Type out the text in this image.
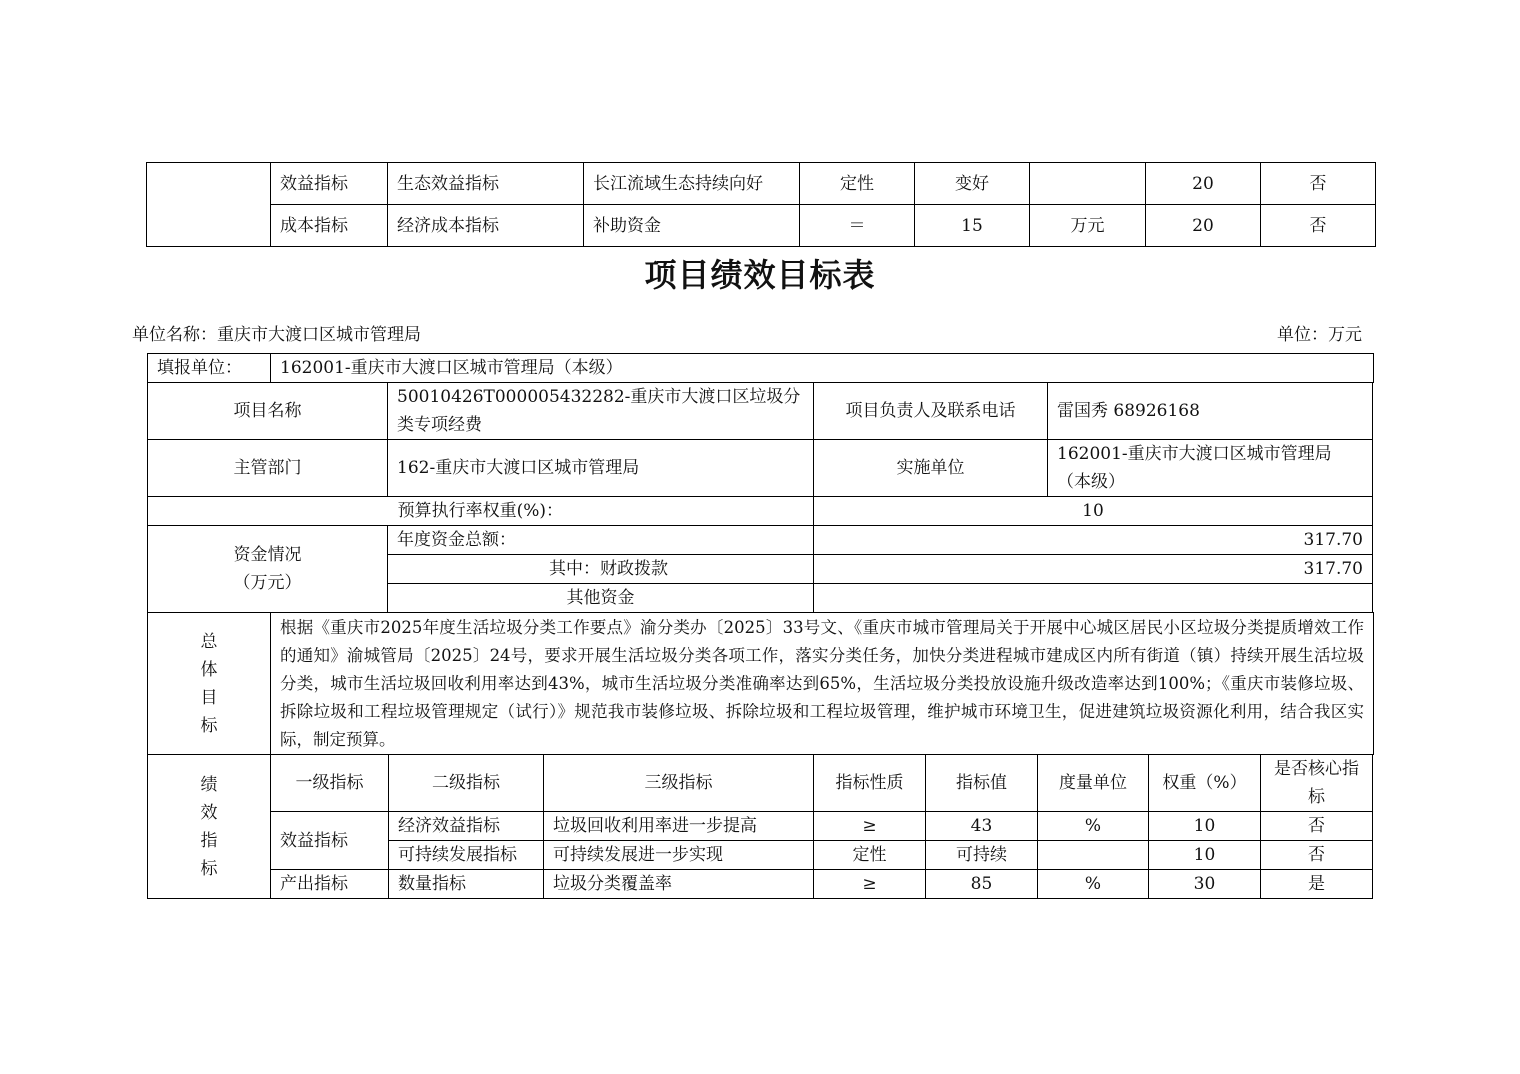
	效益指标	生态效益指标	长江流域生态持续向好	定性	变好		20	否
	成本指标	经济成本指标	补助资金	＝	15	万元	20	否
项目绩效目标表
单位名称：重庆市大渡口区城市管理局	单位：万元
填报单位：	162001-重庆市大渡口区城市管理局（本级）
项目名称	50010426T000005432282-重庆市大渡口区垃圾分类专项经费	项目负责人及联系电话	雷国秀 68926168
主管部门	162-重庆市大渡口区城市管理局	实施单位	162001-重庆市大渡口区城市管理局（本级）
预算执行率权重(%)：		10	

资金情况
（万元）	年度资金总额：	317.70	
	其中：财政拨款	317.70	
	其他资金		
总
体
目
标
	根据《重庆市2025年度生活垃圾分类工作要点》渝分类办〔2025〕33号文、《重庆市城市管理局关于开展中心城区居民小区垃圾分类提质增效工作的通知》渝城管局〔2025〕24号，要求开展生活垃圾分类各项工作，落实分类任务，加快分类进程城市建成区内所有街道（镇）持续开展生活垃圾分类，城市生活垃圾回收利用率达到43%，城市生活垃圾分类准确率达到65%，生活垃圾分类投放设施升级改造率达到100%；《重庆市装修垃圾、拆除垃圾和工程垃圾管理规定（试行）》规范我市装修垃圾、拆除垃圾和工程垃圾管理，维护城市环境卫生，促进建筑垃圾资源化利用，结合我区实际，制定预算。
绩
效
指
标	一级指标	二级指标	三级指标	指标性质	指标值	度量单位	权重（%）	是否核心指标
	效益指标	经济效益指标	垃圾回收利用率进一步提高	≥	43	%	10	否
		可持续发展指标	可持续发展进一步实现	定性	可持续		10	否
	产出指标	数量指标	垃圾分类覆盖率	≥	85	%	30	是
